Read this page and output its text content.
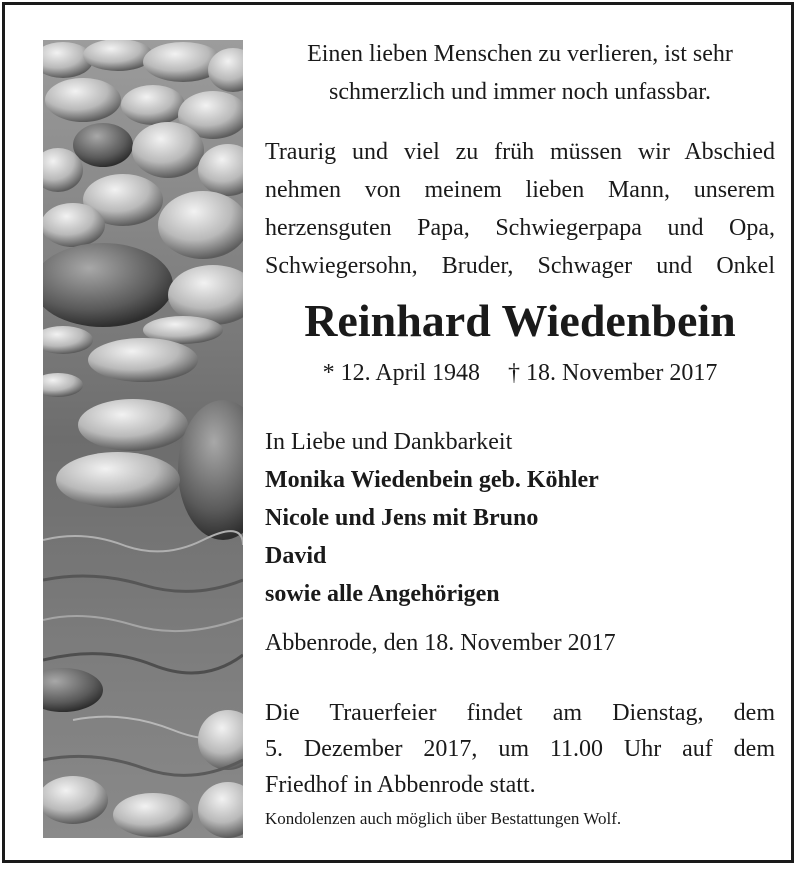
Einen lieben Menschen zu verlieren, ist sehr
schmerzlich und immer noch unfassbar.

Traurig und viel zu früh müssen wir Abschied
nehmen von meinem lieben Mann, unserem
herzensguten Papa, Schwiegerpapa und Opa,
Schwiegersohn, Bruder, Schwager und Onkel

Reinhard Wiedenbein

* 12. April 1948 † 18. November 2017

In Liebe und Dankbarkeit
Monika Wiedenbein geb. Köhler
Nicole und Jens mit Bruno
David
sowie alle Angehörigen

Abbenrode, den 18. November 2017

Die Trauerfeier findet am Dienstag, dem
5. Dezember 2017, um 11.00 Uhr auf dem
Friedhof in Abbenrode statt.

Kondolenzen auch möglich über Bestattungen Wolf.
